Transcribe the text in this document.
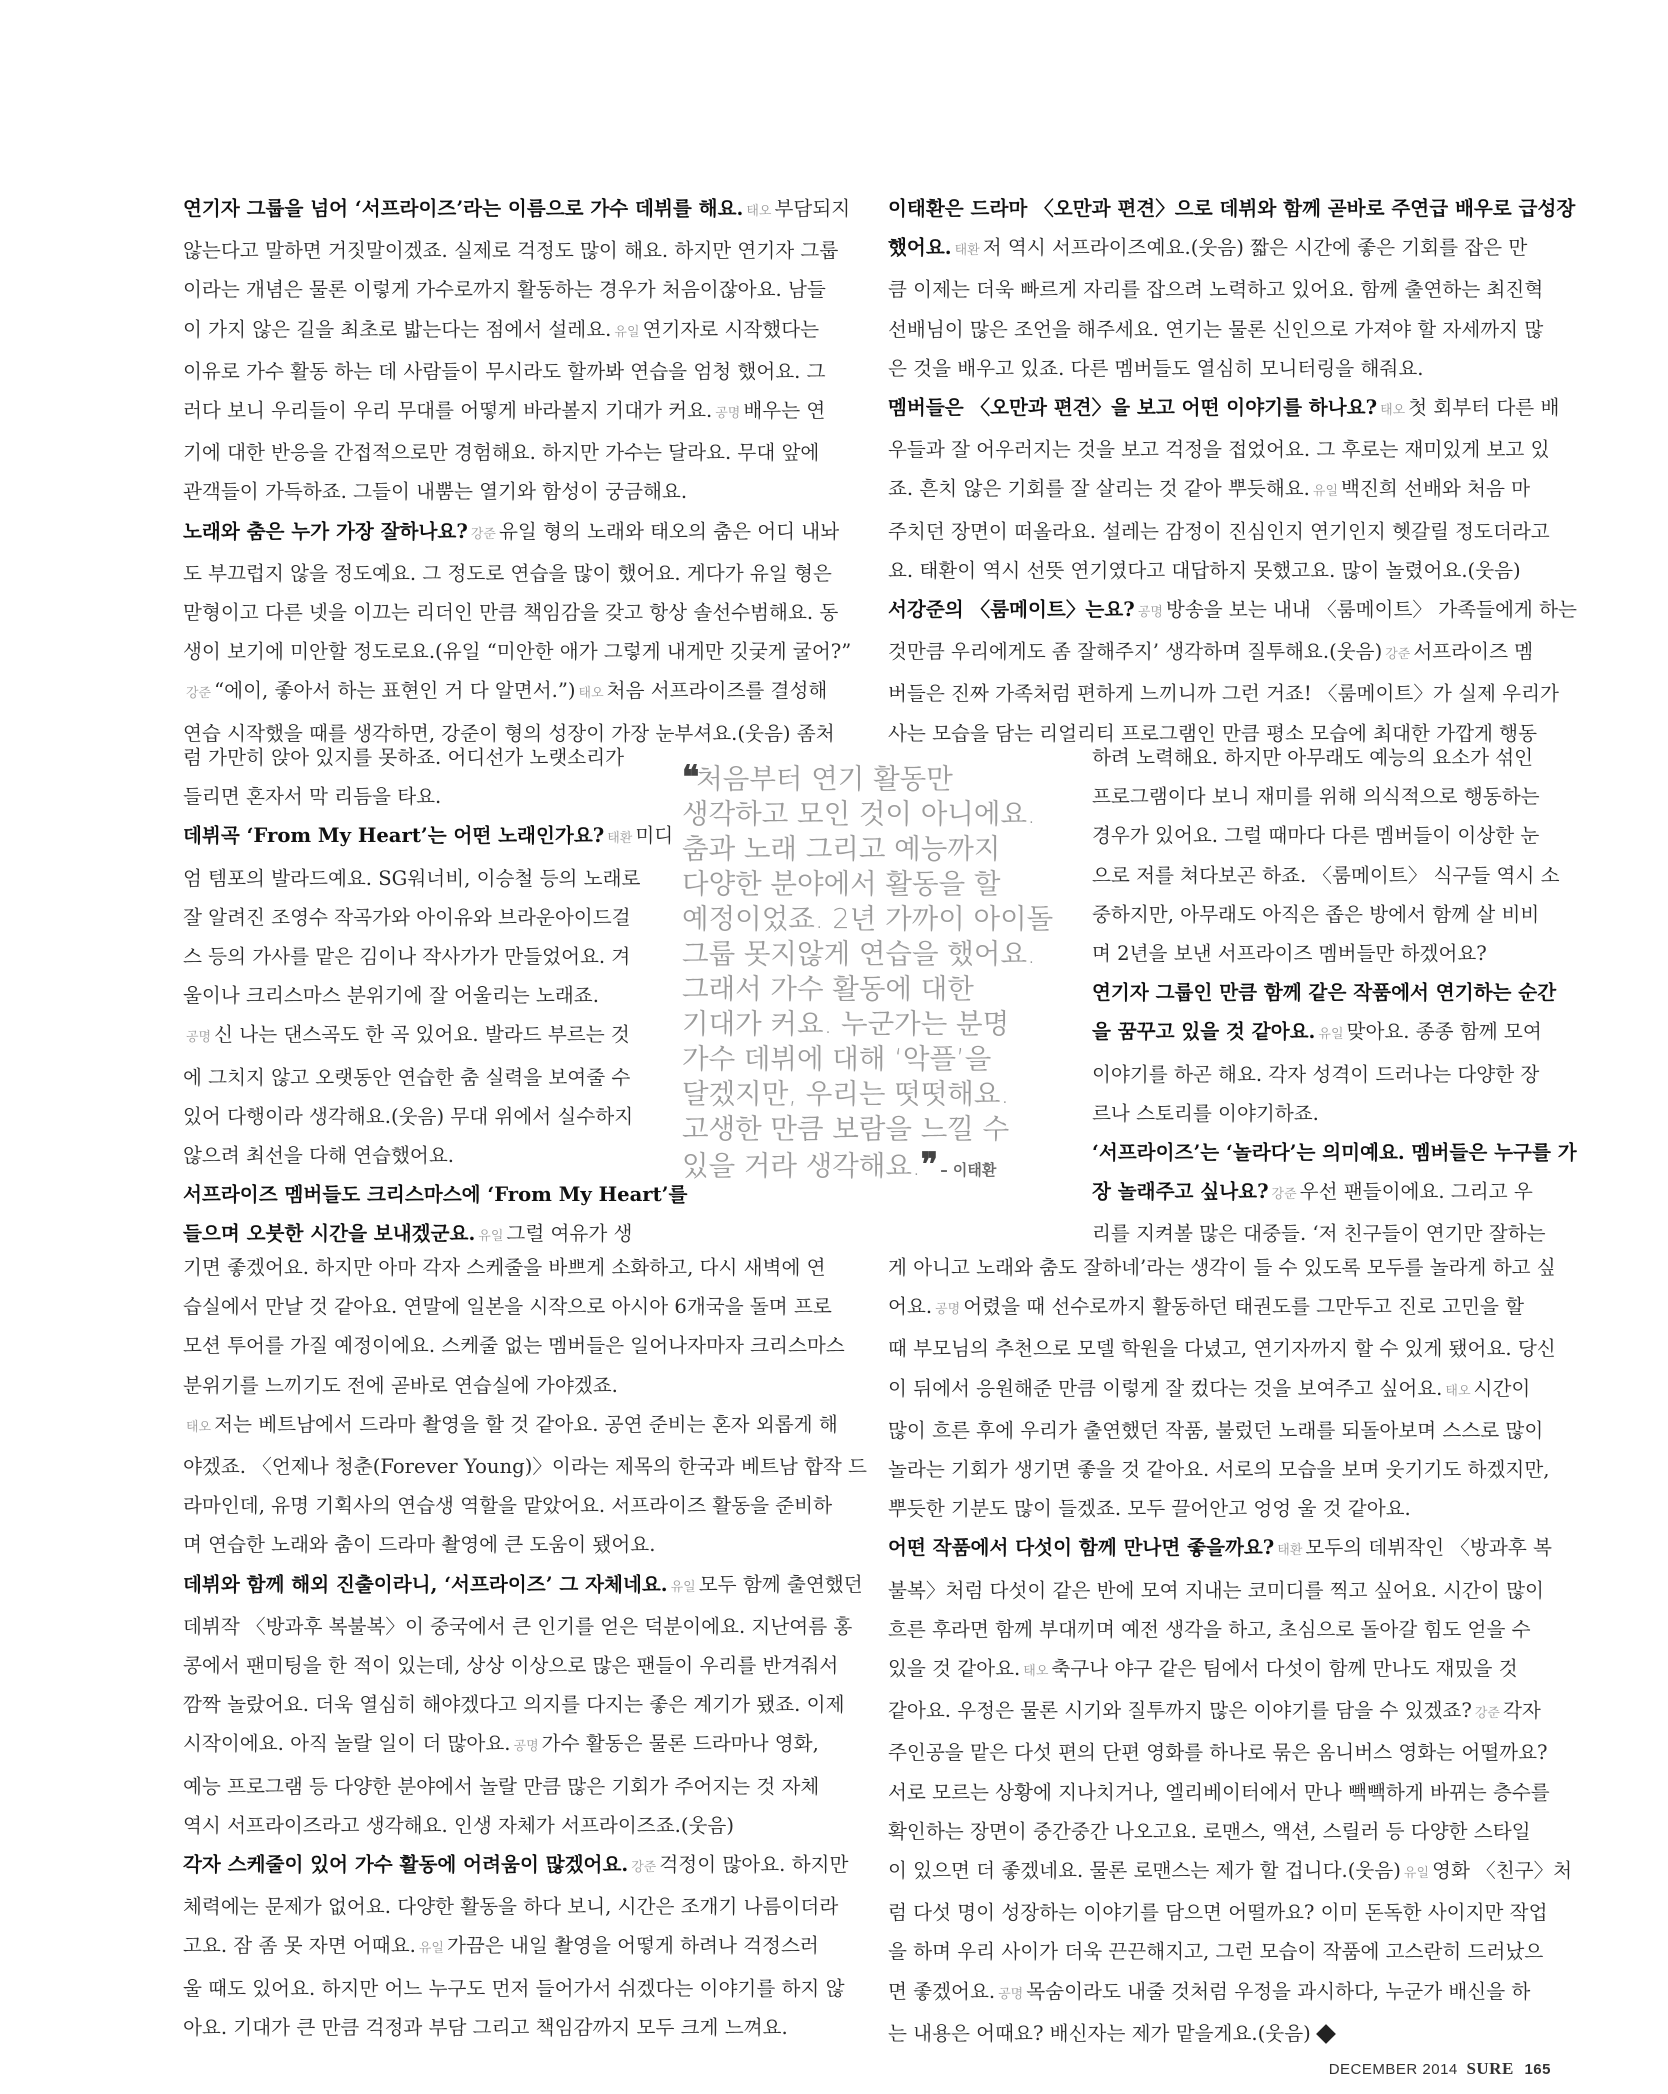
연기자 그룹을 넘어 ‘서프라이즈’라는 이름으로 가수 데뷔를 해요. 태오 부담되지
않는다고 말하면 거짓말이겠죠. 실제로 걱정도 많이 해요. 하지만 연기자 그룹
이라는 개념은 물론 이렇게 가수로까지 활동하는 경우가 처음이잖아요. 남들
이 가지 않은 길을 최초로 밟는다는 점에서 설레요. 유일 연기자로 시작했다는
이유로 가수 활동 하는 데 사람들이 무시라도 할까봐 연습을 엄청 했어요. 그
러다 보니 우리들이 우리 무대를 어떻게 바라볼지 기대가 커요. 공명 배우는 연
기에 대한 반응을 간접적으로만 경험해요. 하지만 가수는 달라요. 무대 앞에
관객들이 가득하죠. 그들이 내뿜는 열기와 함성이 궁금해요.
노래와 춤은 누가 가장 잘하나요? 강준 유일 형의 노래와 태오의 춤은 어디 내놔
도 부끄럽지 않을 정도예요. 그 정도로 연습을 많이 했어요. 게다가 유일 형은
맏형이고 다른 넷을 이끄는 리더인 만큼 책임감을 갖고 항상 솔선수범해요. 동
생이 보기에 미안할 정도로요.(유일 “미안한 애가 그렇게 내게만 깃궂게 굴어?”
강준 “에이, 좋아서 하는 표현인 거 다 알면서.”) 태오 처음 서프라이즈를 결성해
연습 시작했을 때를 생각하면, 강준이 형의 성장이 가장 눈부셔요.(웃음) 좀처
럼 가만히 앉아 있지를 못하죠. 어디선가 노랫소리가
들리면 혼자서 막 리듬을 타요.
데뷔곡 ‘From My Heart’는 어떤 노래인가요? 태환 미디
엄 템포의 발라드예요. SG워너비, 이승철 등의 노래로
잘 알려진 조영수 작곡가와 아이유와 브라운아이드걸
스 등의 가사를 맡은 김이나 작사가가 만들었어요. 겨
울이나 크리스마스 분위기에 잘 어울리는 노래죠.
공명 신 나는 댄스곡도 한 곡 있어요. 발라드 부르는 것
에 그치지 않고 오랫동안 연습한 춤 실력을 보여줄 수
있어 다행이라 생각해요.(웃음) 무대 위에서 실수하지
않으려 최선을 다해 연습했어요.
서프라이즈 멤버들도 크리스마스에 ‘From My Heart’를
들으며 오붓한 시간을 보내겠군요. 유일 그럴 여유가 생
기면 좋겠어요. 하지만 아마 각자 스케줄을 바쁘게 소화하고, 다시 새벽에 연
습실에서 만날 것 같아요. 연말에 일본을 시작으로 아시아 6개국을 돌며 프로
모션 투어를 가질 예정이에요. 스케줄 없는 멤버들은 일어나자마자 크리스마스
분위기를 느끼기도 전에 곧바로 연습실에 가야겠죠.
태오 저는 베트남에서 드라마 촬영을 할 것 같아요. 공연 준비는 혼자 외롭게 해
야겠죠. 〈언제나 청춘(Forever Young)〉이라는 제목의 한국과 베트남 합작 드
라마인데, 유명 기획사의 연습생 역할을 맡았어요. 서프라이즈 활동을 준비하
며 연습한 노래와 춤이 드라마 촬영에 큰 도움이 됐어요.
데뷔와 함께 해외 진출이라니, ‘서프라이즈’ 그 자체네요. 유일 모두 함께 출연했던
데뷔작 〈방과후 복불복〉이 중국에서 큰 인기를 얻은 덕분이에요. 지난여름 홍
콩에서 팬미팅을 한 적이 있는데, 상상 이상으로 많은 팬들이 우리를 반겨줘서
깜짝 놀랐어요. 더욱 열심히 해야겠다고 의지를 다지는 좋은 계기가 됐죠. 이제
시작이에요. 아직 놀랄 일이 더 많아요. 공명 가수 활동은 물론 드라마나 영화,
예능 프로그램 등 다양한 분야에서 놀랄 만큼 많은 기회가 주어지는 것 자체
역시 서프라이즈라고 생각해요. 인생 자체가 서프라이즈죠.(웃음)
각자 스케줄이 있어 가수 활동에 어려움이 많겠어요. 강준 걱정이 많아요. 하지만
체력에는 문제가 없어요. 다양한 활동을 하다 보니, 시간은 조개기 나름이더라
고요. 잠 좀 못 자면 어때요. 유일 가끔은 내일 촬영을 어떻게 하려나 걱정스러
울 때도 있어요. 하지만 어느 누구도 먼저 들어가서 쉬겠다는 이야기를 하지 않
아요. 기대가 큰 만큼 걱정과 부담 그리고 책임감까지 모두 크게 느껴요.
이태환은 드라마 〈오만과 편견〉으로 데뷔와 함께 곧바로 주연급 배우로 급성장
했어요. 태환 저 역시 서프라이즈예요.(웃음) 짧은 시간에 좋은 기회를 잡은 만
큼 이제는 더욱 빠르게 자리를 잡으려 노력하고 있어요. 함께 출연하는 최진혁
선배님이 많은 조언을 해주세요. 연기는 물론 신인으로 가져야 할 자세까지 많
은 것을 배우고 있죠. 다른 멤버들도 열심히 모니터링을 해줘요.
멤버들은 〈오만과 편견〉을 보고 어떤 이야기를 하나요? 태오 첫 회부터 다른 배
우들과 잘 어우러지는 것을 보고 걱정을 접었어요. 그 후로는 재미있게 보고 있
죠. 흔치 않은 기회를 잘 살리는 것 같아 뿌듯해요. 유일 백진희 선배와 처음 마
주치던 장면이 떠올라요. 설레는 감정이 진심인지 연기인지 헷갈릴 정도더라고
요. 태환이 역시 선뜻 연기였다고 대답하지 못했고요. 많이 놀렸어요.(웃음)
서강준의 〈룸메이트〉는요? 공명 방송을 보는 내내 〈룸메이트〉 가족들에게 하는
것만큼 우리에게도 좀 잘해주지’ 생각하며 질투해요.(웃음) 강준 서프라이즈 멤
버들은 진짜 가족처럼 편하게 느끼니까 그런 거죠! 〈룸메이트〉가 실제 우리가
사는 모습을 담는 리얼리티 프로그램인 만큼 평소 모습에 최대한 가깝게 행동
하려 노력해요. 하지만 아무래도 예능의 요소가 섞인
프로그램이다 보니 재미를 위해 의식적으로 행동하는
경우가 있어요. 그럴 때마다 다른 멤버들이 이상한 눈
으로 저를 쳐다보곤 하죠. 〈룸메이트〉 식구들 역시 소
중하지만, 아무래도 아직은 좁은 방에서 함께 살 비비
며 2년을 보낸 서프라이즈 멤버들만 하겠어요?
연기자 그룹인 만큼 함께 같은 작품에서 연기하는 순간
을 꿈꾸고 있을 것 같아요. 유일 맞아요. 종종 함께 모여
이야기를 하곤 해요. 각자 성격이 드러나는 다양한 장
르나 스토리를 이야기하죠.
‘서프라이즈’는 ‘놀라다’는 의미예요. 멤버들은 누구를 가
장 놀래주고 싶나요? 강준 우선 팬들이에요. 그리고 우
리를 지켜볼 많은 대중들. ‘저 친구들이 연기만 잘하는
게 아니고 노래와 춤도 잘하네’라는 생각이 들 수 있도록 모두를 놀라게 하고 싶
어요. 공명 어렸을 때 선수로까지 활동하던 태권도를 그만두고 진로 고민을 할
때 부모님의 추천으로 모델 학원을 다녔고, 연기자까지 할 수 있게 됐어요. 당신
이 뒤에서 응원해준 만큼 이렇게 잘 컸다는 것을 보여주고 싶어요. 태오 시간이
많이 흐른 후에 우리가 출연했던 작품, 불렀던 노래를 되돌아보며 스스로 많이
놀라는 기회가 생기면 좋을 것 같아요. 서로의 모습을 보며 웃기기도 하겠지만,
뿌듯한 기분도 많이 들겠죠. 모두 끌어안고 엉엉 울 것 같아요.
어떤 작품에서 다섯이 함께 만나면 좋을까요? 태환 모두의 데뷔작인 〈방과후 복
불복〉처럼 다섯이 같은 반에 모여 지내는 코미디를 찍고 싶어요. 시간이 많이
흐른 후라면 함께 부대끼며 예전 생각을 하고, 초심으로 돌아갈 힘도 얻을 수
있을 것 같아요. 태오 축구나 야구 같은 팀에서 다섯이 함께 만나도 재밌을 것
같아요. 우정은 물론 시기와 질투까지 많은 이야기를 담을 수 있겠죠? 강준 각자
주인공을 맡은 다섯 편의 단편 영화를 하나로 묶은 옴니버스 영화는 어떨까요?
서로 모르는 상황에 지나치거나, 엘리베이터에서 만나 빽빽하게 바뀌는 층수를
확인하는 장면이 중간중간 나오고요. 로맨스, 액션, 스릴러 등 다양한 스타일
이 있으면 더 좋겠네요. 물론 로맨스는 제가 할 겁니다.(웃음) 유일 영화 〈친구〉처
럼 다섯 명이 성장하는 이야기를 담으면 어떨까요? 이미 돈독한 사이지만 작업
을 하며 우리 사이가 더욱 끈끈해지고, 그런 모습이 작품에 고스란히 드러났으
면 좋겠어요. 공명 목숨이라도 내줄 것처럼 우정을 과시하다, 누군가 배신을 하
는 내용은 어때요? 배신자는 제가 맡을게요.(웃음)
❝처음부터 연기 활동만
생각하고 모인 것이 아니에요.
춤과 노래 그리고 예능까지
다양한 분야에서 활동을 할
예정이었죠. 2년 가까이 아이돌
그룹 못지않게 연습을 했어요.
그래서 가수 활동에 대한
기대가 커요. 누군가는 분명
가수 데뷔에 대해 ‘악플’을
달겠지만, 우리는 떳떳해요.
고생한 만큼 보람을 느낄 수
있을 거라 생각해요.❞ – 이태환
DECEMBER 2014 SURE 165
